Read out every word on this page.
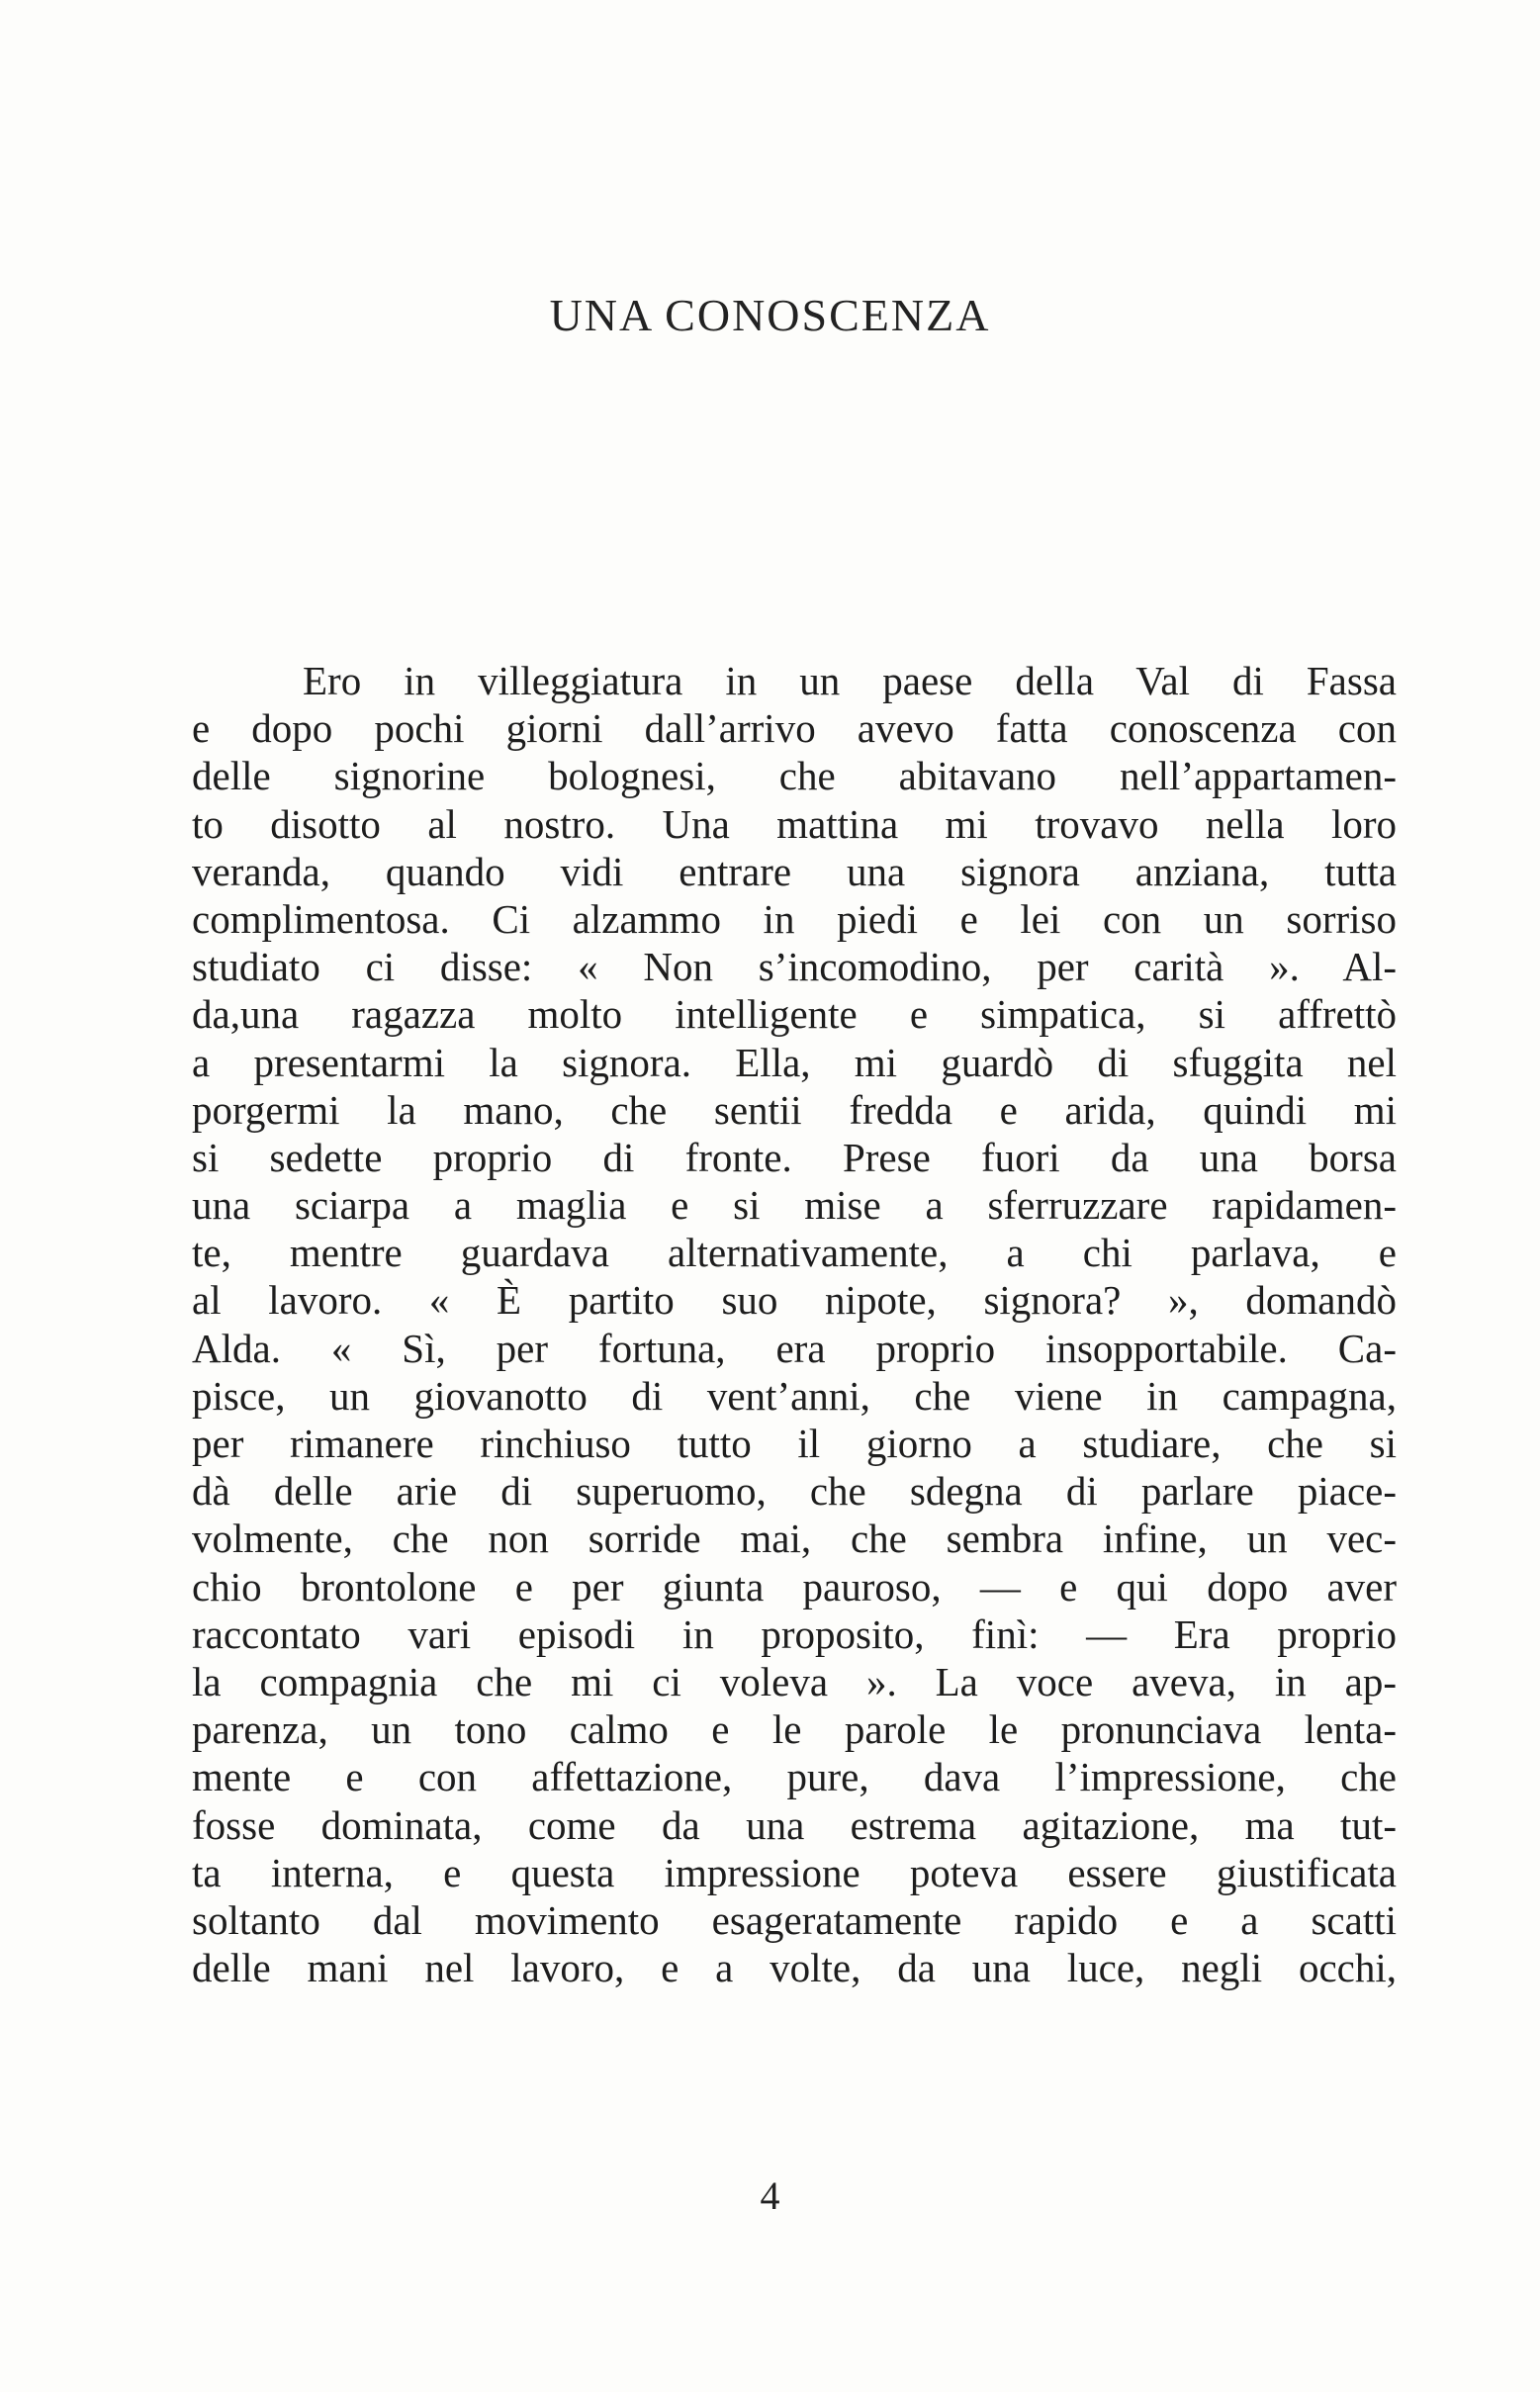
UNA CONOSCENZA
Ero in villeggiatura in un paese della Val di Fassa
e dopo pochi giorni dall’arrivo avevo fatta conoscenza con
delle signorine bolognesi, che abitavano nell’appartamen-
to disotto al nostro. Una mattina mi trovavo nella loro
veranda, quando vidi entrare una signora anziana, tutta
complimentosa. Ci alzammo in piedi e lei con un sorriso
studiato ci disse: « Non s’incomodino, per carità ». Al-
da,una ragazza molto intelligente e simpatica, si affrettò
a presentarmi la signora. Ella, mi guardò di sfuggita nel
porgermi la mano, che sentii fredda e arida, quindi mi
si sedette proprio di fronte. Prese fuori da una borsa
una sciarpa a maglia e si mise a sferruzzare rapidamen-
te, mentre guardava alternativamente, a chi parlava, e
al lavoro. « È partito suo nipote, signora? », domandò
Alda. « Sì, per fortuna, era proprio insopportabile. Ca-
pisce, un giovanotto di vent’anni, che viene in campagna,
per rimanere rinchiuso tutto il giorno a studiare, che si
dà delle arie di superuomo, che sdegna di parlare piace-
volmente, che non sorride mai, che sembra infine, un vec-
chio brontolone e per giunta pauroso, — e qui dopo aver
raccontato vari episodi in proposito, finì: — Era proprio
la compagnia che mi ci voleva ». La voce aveva, in ap-
parenza, un tono calmo e le parole le pronunciava lenta-
mente e con affettazione, pure, dava l’impressione, che
fosse dominata, come da una estrema agitazione, ma tut-
ta interna, e questa impressione poteva essere giustificata
soltanto dal movimento esageratamente rapido e a scatti
delle mani nel lavoro, e a volte, da una luce, negli occhi,
4
